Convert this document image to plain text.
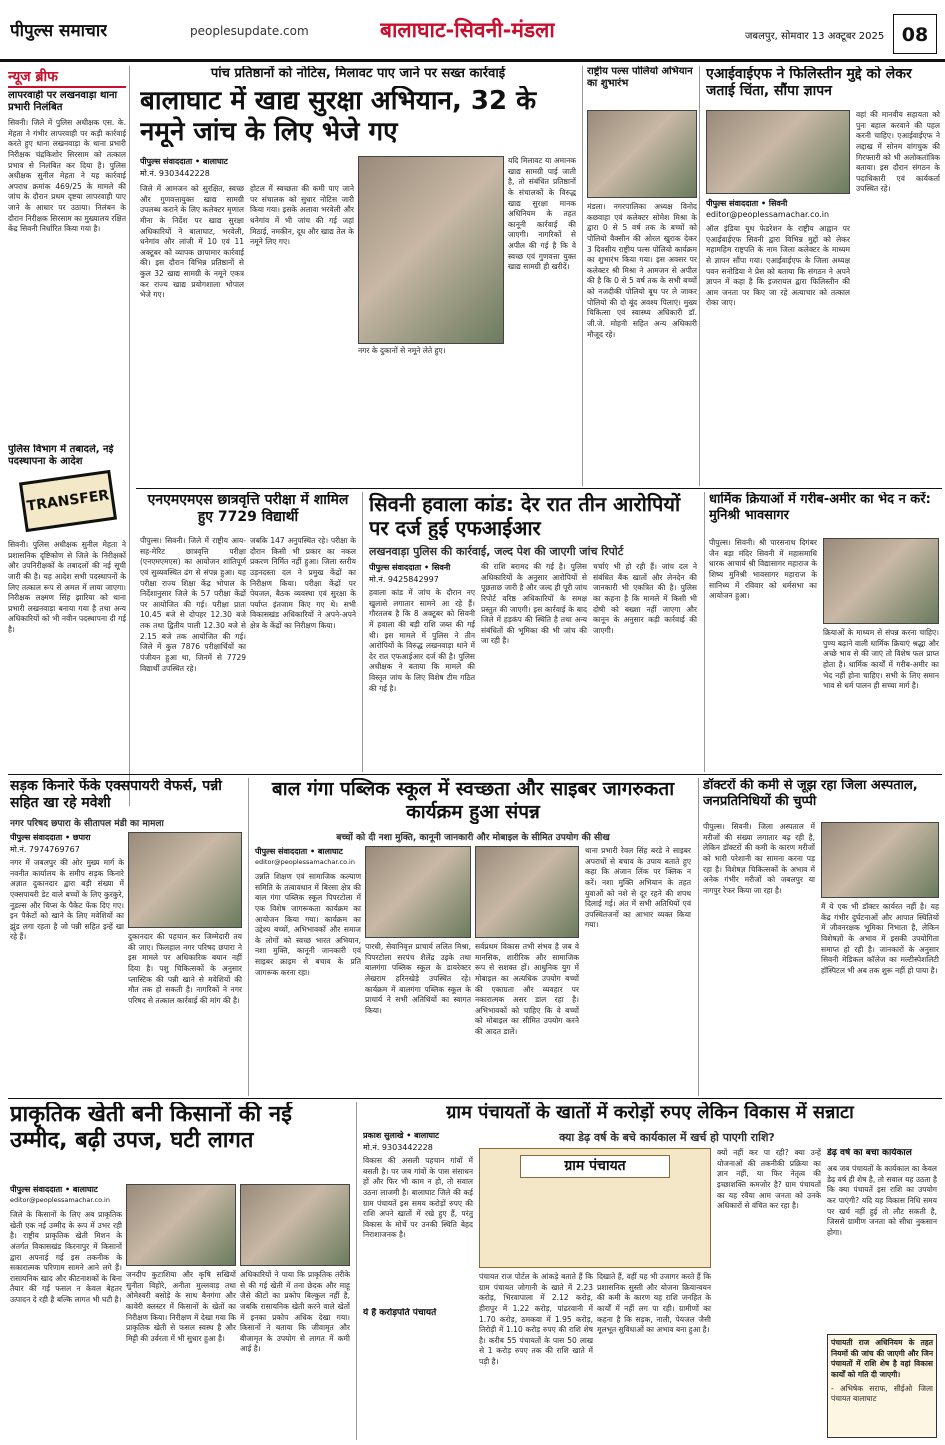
पीपुल्स समाचार	peoplesupdate.com	बालाघाट-सिवनी-मंडला	जबलपुर, सोमवार 13 अक्टूबर 2025 08
न्यूज ब्रीफ
लापरवाही पर लखनवाड़ा थाना प्रभारी निलंबित
सिवनी। जिले में पुलिस अधीक्षक एस. के. मेहता ने गंभीर लापरवाही पर कड़ी कार्रवाई करते हुए थाना लखनवाड़ा के थाना प्रभारी निरीक्षक चंद्रकिशोर सिरसाम को तत्काल प्रभाव से निलंबित कर दिया है। पुलिस अधीक्षक सुनील मेहता ने यह कार्रवाई अपराध क्रमांक 469/25 के मामले की जांच के दौरान प्रथम दृष्टया लापरवाही पाए जाने के आधार पर उठाया। निलंबन के दौरान निरीक्षक सिरसाम का मुख्यालय रक्षित केंद्र सिवनी निर्धारित किया गया है।
पुलिस विभाग में तबादले, नई पदस्थापना के आदेश
TRANSFER
सिवनी। पुलिस अधीक्षक सुनील मेहता ने प्रशासनिक दृष्टिकोण से जिले के निरीक्षकों और उपनिरीक्षकों के तबादलों की नई सूची जारी की है। यह आदेश सभी पदस्थापनों के लिए तत्काल रूप से अमल में लाया जाएगा। निरीक्षक लक्ष्मण सिंह झारिया को थाना प्रभारी लखनवाड़ा बनाया गया है तथा अन्य अधिकारियों को भी नवीन पदस्थापना दी गई है।
पांच प्रतिष्ठानों को नोटिस, मिलावट पाए जाने पर सख्त कार्रवाई
बालाघाट में खाद्य सुरक्षा अभियान, 32 के नमूने जांच के लिए भेजे गए
पीपुल्स संवाददाता • बालाघाट
मो.नं. 9303442228
नगर के दुकानों से नमूने लेते हुए।
जिले में आमजन को सुरक्षित, स्वच्छ और गुणवत्तायुक्त खाद्य सामग्री उपलब्ध कराने के लिए कलेक्टर मृणाल मीना के निर्देश पर खाद्य सुरक्षा अधिकारियों ने बालाघाट, भरवेली, धनेगांव और लांजी में 10 एवं 11 अक्टूबर को व्यापक छापामार कार्रवाई की। इस दौरान विभिन्न प्रतिष्ठानों से कुल 32 खाद्य सामग्री के नमूने एकत्र कर राज्य खाद्य प्रयोगशाला भोपाल भेजे गए।
होटल में स्वच्छता की कमी पाए जाने पर संचालक को सुधार नोटिस जारी किया गया। इसके अलावा भरवेली और धनेगांव में भी जांच की गई जहां मिठाई, नमकीन, दूध और खाद्य तेल के नमूने लिए गए।
यदि मिलावट या अमानक खाद्य सामग्री पाई जाती है, तो संबंधित प्रतिष्ठानों के संचालकों के विरुद्ध खाद्य सुरक्षा मानक अधिनियम के तहत कानूनी कार्रवाई की जाएगी। नागरिकों से अपील की गई है कि वे स्वच्छ एवं गुणवत्ता युक्त खाद्य सामग्री ही खरीदें।
राष्ट्रीय पल्स पोलियो अभियान का शुभारंभ
मंडला। नगरपालिका अध्यक्ष विनोद कछवाहा एवं कलेक्टर सोमेश मिश्रा के द्वारा 0 से 5 वर्ष तक के बच्चों को पोलियो वैक्सीन की ओरल खुराक देकर 3 दिवसीय राष्ट्रीय पल्स पोलियो कार्यक्रम का शुभारंभ किया गया। इस अवसर पर कलेक्टर श्री मिश्रा ने आमजन से अपील की है कि 0 से 5 वर्ष तक के सभी बच्चों को नजदीकी पोलियो बूथ पर ले जाकर पोलियो की दो बूंद अवश्य पिलाएं। मुख्य चिकित्सा एवं स्वास्थ्य अधिकारी डॉ. जी.जे. मोहनी सहित अन्य अधिकारी मौजूद रहे।
एआईवाईएफ ने फिलिस्तीन मुद्दे को लेकर जताई चिंता, सौंपा ज्ञापन
पीपुल्स संवाददाता • सिवनी
editor@peoplessamachar.co.in
ऑल इंडिया यूथ फेडरेशन के राष्ट्रीय आह्वान पर एआईवाईएफ सिवनी द्वारा विभिन्न मुद्दों को लेकर महामहिम राष्ट्रपति के नाम जिला कलेक्टर के माध्यम से ज्ञापन सौंपा गया। एआईवाईएफ के जिला अध्यक्ष पवन सनोडिया ने प्रेस को बताया कि संगठन ने अपने ज्ञापन में कहा है कि इजरायल द्वारा फिलिस्तीन की आम जनता पर किए जा रहे अत्याचार को तत्काल रोका जाए।
वहां की मानवीय सहायता को पुनः बहाल करवाने की पहल करनी चाहिए। एआईवाईएफ ने लद्दाख में सोनम वांगचुक की गिरफ्तारी को भी अलोकतांत्रिक बताया। इस दौरान संगठन के पदाधिकारी एवं कार्यकर्ता उपस्थित रहे।
एनएमएमएस छात्रवृत्ति परीक्षा में शामिल हुए 7729 विद्यार्थी
पीपुल्स। सिवनी। जिले में राष्ट्रीय आय-सह-मेरिट छात्रवृत्ति परीक्षा (एनएमएमएस) का आयोजन शांतिपूर्ण एवं सुव्यवस्थित ढंग से संपन्न हुआ। यह परीक्षा राज्य शिक्षा केंद्र भोपाल के निर्देशानुसार जिले के 57 परीक्षा केंद्रों पर आयोजित की गई। परीक्षा प्रातः 10.45 बजे से दोपहर 12.30 बजे तक तथा द्वितीय पाली 12.30 बजे से 2.15 बजे तक आयोजित की गई। जिले में कुल 7876 परीक्षार्थियों का पंजीयन हुआ था, जिनमें से 7729 विद्यार्थी उपस्थित रहे।
जबकि 147 अनुपस्थित रहे। परीक्षा के दौरान किसी भी प्रकार का नकल प्रकरण निर्मित नहीं हुआ। जिला स्तरीय उड़नदस्ता दल ने प्रमुख केंद्रों का निरीक्षण किया। परीक्षा केंद्रों पर पेयजल, बैठक व्यवस्था एवं सुरक्षा के पर्याप्त इंतजाम किए गए थे। सभी विकासखंड अधिकारियों ने अपने-अपने क्षेत्र के केंद्रों का निरीक्षण किया।
सिवनी हवाला कांड: देर रात तीन आरोपियों पर दर्ज हुई एफआईआर
लखनवाड़ा पुलिस की कार्रवाई, जल्द पेश की जाएगी जांच रिपोर्ट
पीपुल्स संवाददाता • सिवनी
मो.नं. 9425842997
हवाला कांड में जांच के दौरान नए खुलासे लगातार सामने आ रहे हैं। गौरतलब है कि 8 अक्टूबर को सिवनी में हवाला की बड़ी राशि जब्त की गई थी। इस मामले में पुलिस ने तीन आरोपियों के विरुद्ध लखनवाड़ा थाने में देर रात एफआईआर दर्ज की है। पुलिस अधीक्षक ने बताया कि मामले की विस्तृत जांच के लिए विशेष टीम गठित की गई है।
की राशि बरामद की गई है। पुलिस अधिकारियों के अनुसार आरोपियों से पूछताछ जारी है और जल्द ही पूरी जांच रिपोर्ट वरिष्ठ अधिकारियों के समक्ष प्रस्तुत की जाएगी। इस कार्रवाई के बाद जिले में हड़कंप की स्थिति है तथा अन्य संबंधितों की भूमिका की भी जांच की जा रही है।
चर्चाएं भी हो रही हैं। जांच दल ने संबंधित बैंक खातों और लेनदेन की जानकारी भी एकत्रित की है। पुलिस का कहना है कि मामले में किसी भी दोषी को बख्शा नहीं जाएगा और कानून के अनुसार कड़ी कार्रवाई की जाएगी।
धार्मिक क्रियाओं में गरीब-अमीर का भेद न करें: मुनिश्री भावसागर
पीपुल्स। सिवनी। श्री पारसनाथ दिगंबर जैन बड़ा मंदिर सिवनी में महासमाधि धारक आचार्य श्री विद्यासागर महाराज के शिष्य मुनिश्री भावसागर महाराज के सानिध्य में रविवार को धर्मसभा का आयोजन हुआ।
क्रियाओं के माध्यम से संपन्न करना चाहिए। पुण्य बढ़ाने वाली धार्मिक क्रियाएं श्रद्धा और अच्छे भाव से की जाएं तो विशेष फल प्राप्त होता है। धार्मिक कार्यों में गरीब-अमीर का भेद नहीं होना चाहिए। सभी के लिए समान भाव से धर्म पालन ही सच्चा मार्ग है।
सड़क किनारे फेंके एक्सपायरी वेफर्स, पन्नी सहित खा रहे मवेशी
नगर परिषद छपारा के सीतापल मंडी का मामला
पीपुल्स संवाददाता • छपारा
मो.नं. 7974769767
नगर में जबलपुर की ओर मुख्य मार्ग के नवनीत कार्यालय के समीप सड़क किनारे अज्ञात दुकानदार द्वारा बड़ी संख्या में एक्सपायरी डेट वाले बच्चों के लिए कुरकुरे, नूडल्स और चिप्स के पैकेट फेंक दिए गए। इन पैकेटों को खाने के लिए मवेशियों का झुंड लगा रहता है जो पन्नी सहित इन्हें खा रहे हैं।	दुकानदार की पहचान कर जिम्मेदारी तय की जाए। फिलहाल नगर परिषद छपारा ने इस मामले पर अधिकारिक बयान नहीं दिया है। पशु चिकित्सकों के अनुसार प्लास्टिक की पन्नी खाने से मवेशियों की मौत तक हो सकती है। नागरिकों ने नगर परिषद से तत्काल कार्रवाई की मांग की है।
बाल गंगा पब्लिक स्कूल में स्वच्छता और साइबर जागरुकता कार्यक्रम हुआ संपन्न
बच्चों को दी नशा मुक्ति, कानूनी जानकारी और मोबाइल के सीमित उपयोग की सीख
पीपुल्स संवाददाता • बालाघाट
editor@peoplessamachar.co.in
उन्नति शिक्षण एवं सामाजिक कल्याण समिति के तत्वावधान में बिरसा क्षेत्र की बाल गंगा पब्लिक स्कूल पिपरटोला में एक विशेष जागरूकता कार्यक्रम का आयोजन किया गया। कार्यक्रम का उद्देश्य बच्चों, अभिभावकों और समाज के लोगों को स्वच्छ भारत अभियान, नशा मुक्ति, कानूनी जानकारी एवं साइबर क्राइम से बचाव के प्रति जागरूक करना रहा।
पारधी, सेवानिवृत्त प्राचार्य ललित मिश्रा, पिपरटोला सरपंच शैलेंद्र उइके तथा बालगंगा पब्लिक स्कूल के डायरेक्टर लेखराम हरिनखेड़े उपस्थित रहे। कार्यक्रम में बालगंगा पब्लिक स्कूल के प्राचार्य ने सभी अतिथियों का स्वागत किया।
सर्वप्रथम विकास तभी संभव है जब वे मानसिक, शारीरिक और सामाजिक रूप से सशक्त हों। आधुनिक युग में मोबाइल का अत्यधिक उपयोग बच्चों की एकाग्रता और व्यवहार पर नकारात्मक असर डाल रहा है। अभिभावकों को चाहिए कि वे बच्चों को मोबाइल का सीमित उपयोग करने की आदत डालें।
थाना प्रभारी रेवल सिंह बरडे ने साइबर अपराधों से बचाव के उपाय बताते हुए कहा कि अंजान लिंक पर क्लिक न करें। नशा मुक्ति अभियान के तहत युवाओं को नशे से दूर रहने की शपथ दिलाई गई। अंत में सभी अतिथियों एवं उपस्थितजनों का आभार व्यक्त किया गया।
डॉक्टरों की कमी से जूझ रहा जिला अस्पताल, जनप्रतिनिधियों की चुप्पी
पीपुल्स। सिवनी। जिला अस्पताल में मरीजों की संख्या लगातार बढ़ रही है, लेकिन डॉक्टरों की कमी के कारण मरीजों को भारी परेशानी का सामना करना पड़ रहा है। विशेषज्ञ चिकित्सकों के अभाव में अनेक गंभीर मरीजों को जबलपुर या नागपुर रेफर किया जा रहा है।
मैं ये एक भी डॉक्टर कार्यरत नहीं है। यह केंद्र गंभीर दुर्घटनाओं और आपात स्थितियों में जीवनरक्षक भूमिका निभाता है, लेकिन विशेषज्ञों के अभाव में इसकी उपयोगिता समाप्त हो रही है। जानकारों के अनुसार सिवनी मेडिकल कॉलेज का मल्टीस्पेशलिटी हॉस्पिटल भी अब तक शुरू नहीं हो पाया है।
प्राकृतिक खेती बनी किसानों की नई उम्मीद, बढ़ी उपज, घटी लागत
पीपुल्स संवाददाता • बालाघाट
editor@peoplessamachar.co.in
जिले के किसानों के लिए अब प्राकृतिक खेती एक नई उम्मीद के रूप में उभर रही है। राष्ट्रीय प्राकृतिक खेती मिशन के अंतर्गत विकासखंड किरनापुर में किसानों द्वारा अपनाई गई इस तकनीक के सकारात्मक परिणाम सामने आने लगे हैं। रासायनिक खाद और कीटनाशकों के बिना तैयार की गई फसल न केवल बेहतर उत्पादन दे रही है बल्कि लागत भी घटी है।
जनदीप कुटाशिया और कृषि सखियों सुनीता विहोरे, अनीता मुल्लवाड़ तथा ओमेश्वरी बसोड़े के साथ बैनगंगा और कावेरी क्लस्टर में किसानों के खेतों का निरीक्षण किया। निरीक्षण में देखा गया कि प्राकृतिक खेती से फसल स्वस्थ है और मिट्टी की उर्वरता में भी सुधार हुआ है।
अधिकारियों ने पाया कि प्राकृतिक तरीके से की गई खेती में तना छेदक और माहू जैसे कीटों का प्रकोप बिल्कुल नहीं है, जबकि रासायनिक खेती करने वाले खेतों में इनका प्रकोप अधिक देखा गया। किसानों ने बताया कि जीवामृत और बीजामृत के उपयोग से लागत में कमी आई है।
ग्राम पंचायतों के खातों में करोड़ों रुपए लेकिन विकास में सन्नाटा
प्रकाश सुलाखे • बालाघाट
मो.नं. 9303442228
क्या डेढ़ वर्ष के बचे कार्यकाल में खर्च हो पाएगी राशि?
ग्राम पंचायत
विकास की असली पहचान गांवों में बसती है। पर जब गांवों के पास संसाधन हों और फिर भी काम न हो, तो सवाल उठना लाजमी है। बालाघाट जिले की कई ग्राम पंचायतें इस समय करोड़ों रुपए की राशि अपने खातों में रखे हुए हैं, परंतु विकास के मोर्चे पर उनकी स्थिति बेहद निराशाजनक है।
ये हैं करोड़पति पंचायतें
पंचायत राज पोर्टल के आंकड़े बताते हैं कि ग्राम पंचायत जोगानी के खाते में 2.23 करोड़, भिरवापाला में 2.12 करोड़, हीरापुर में 1.22 करोड़, पांढरवानी में 1.70 करोड़, ठमकवा में 1.95 करोड़, तिरोड़ी में 1.10 करोड़ रुपए की राशि शेष है। करीब 55 पंचायतों के पास 50 लाख से 1 करोड़ रुपए तक की राशि खाते में पड़ी है।
दिखाते हैं, वहीं यह भी उजागर करते हैं कि प्रशासनिक सुस्ती और योजना क्रियान्वयन की कमी के कारण यह राशि जनहित के कार्यों में नहीं लग पा रही। ग्रामीणों का कहना है कि सड़क, नाली, पेयजल जैसी मूलभूत सुविधाओं का अभाव बना हुआ है।
क्यों नहीं कर पा रही? क्या उन्हें योजनाओं की तकनीकी प्रक्रिया का ज्ञान नहीं, या फिर नेतृत्व की इच्छाशक्ति कमजोर है? ग्राम पंचायतों का यह रवैया आम जनता को उनके अधिकारों से वंचित कर रहा है।
डेढ़ वर्ष का बचा कार्यकाल
अब जब पंचायतों के कार्यकाल का केवल डेढ़ वर्ष ही शेष है, तो सवाल यह उठता है कि क्या पंचायतें इस राशि का उपयोग कर पाएंगी? यदि यह विकास निधि समय पर खर्च नहीं हुई तो लौट सकती है, जिससे ग्रामीण जनता को सीधा नुकसान होगा।
पंचायती राज अधिनियम के तहत नियमों की जांच की जाएगी और जिन पंचायतों में राशि शेष है वहां विकास कार्यों को गति दी जाएगी।
- अभिषेक सराफ, सीईओ जिला पंचायत बालाघाट
